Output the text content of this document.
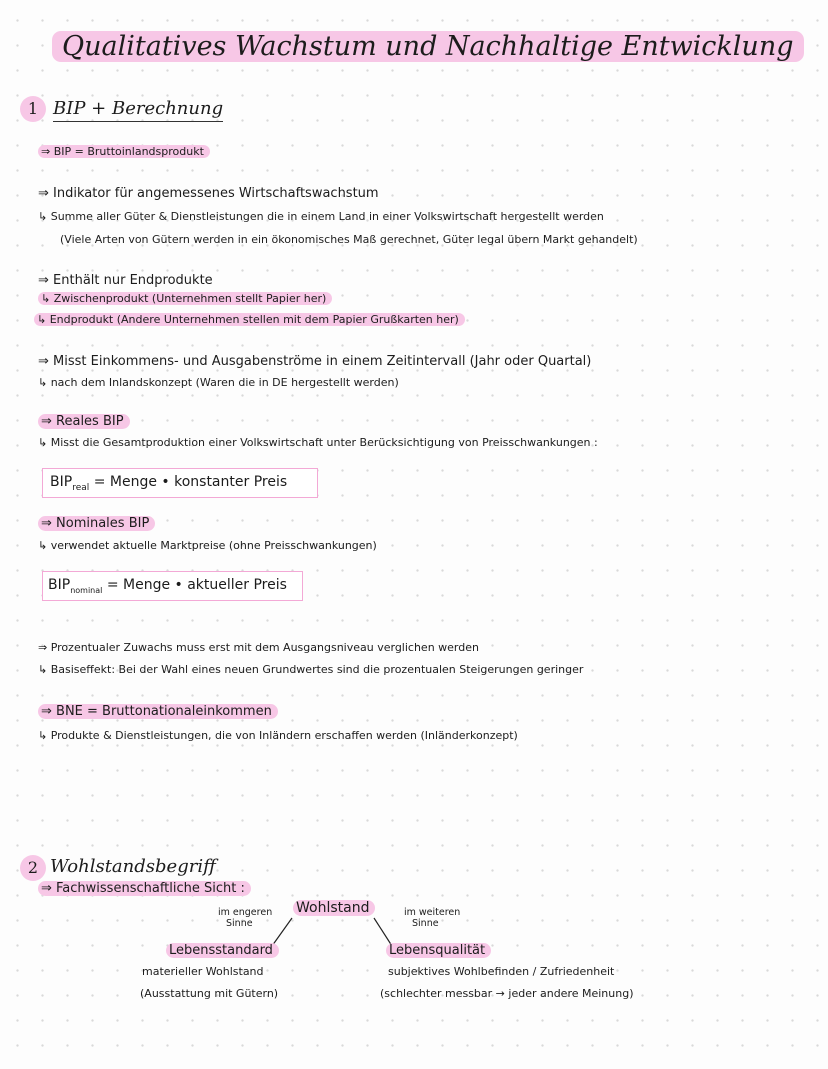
Qualitatives Wachstum und Nachhaltige Entwicklung
1 BIP + Berechnung
⇒ BIP = Bruttoinlandsprodukt
⇒ Indikator für angemessenes Wirtschaftswachstum
↳ Summe aller Güter & Dienstleistungen die in einem Land in einer Volkswirtschaft hergestellt werden
(Viele Arten von Gütern werden in ein ökonomisches Maß gerechnet, Güter legal übern Markt gehandelt)
⇒ Enthält nur Endprodukte
↳ Zwischenprodukt (Unternehmen stellt Papier her)
↳ Endprodukt (Andere Unternehmen stellen mit dem Papier Grußkarten her)
⇒ Misst Einkommens- und Ausgabenströme in einem Zeitintervall (Jahr oder Quartal)
↳ nach dem Inlandskonzept (Waren die in DE hergestellt werden)
⇒ Reales BIP
↳ Misst die Gesamtproduktion einer Volkswirtschaft unter Berücksichtigung von Preisschwankungen :
$BIP_{real}$ = Menge • konstanter Preis
⇒ Nominales BIP
↳ verwendet aktuelle Marktpreise (ohne Preisschwankungen)
$BIP_{nominal}$ = Menge • aktueller Preis
⇒ Prozentualer Zuwachs muss erst mit dem Ausgangsniveau verglichen werden
↳ Basiseffekt: Bei der Wahl eines neuen Grundwertes sind die prozentualen Steigerungen geringer
⇒ BNE = Bruttonationaleinkommen
↳ Produkte & Dienstleistungen, die von Inländern erschaffen werden (Inländerkonzept)
2 Wohlstandsbegriff
⇒ Fachwissenschaftliche Sicht :
im engeren
Sinne
Wohlstand	im weiteren
Sinne
Lebensstandard
materieller Wohlstand
(Ausstattung mit Gütern)
Lebensqualität
subjektives Wohlbefinden / Zufriedenheit
(schlechter messbar → jeder andere Meinung)
